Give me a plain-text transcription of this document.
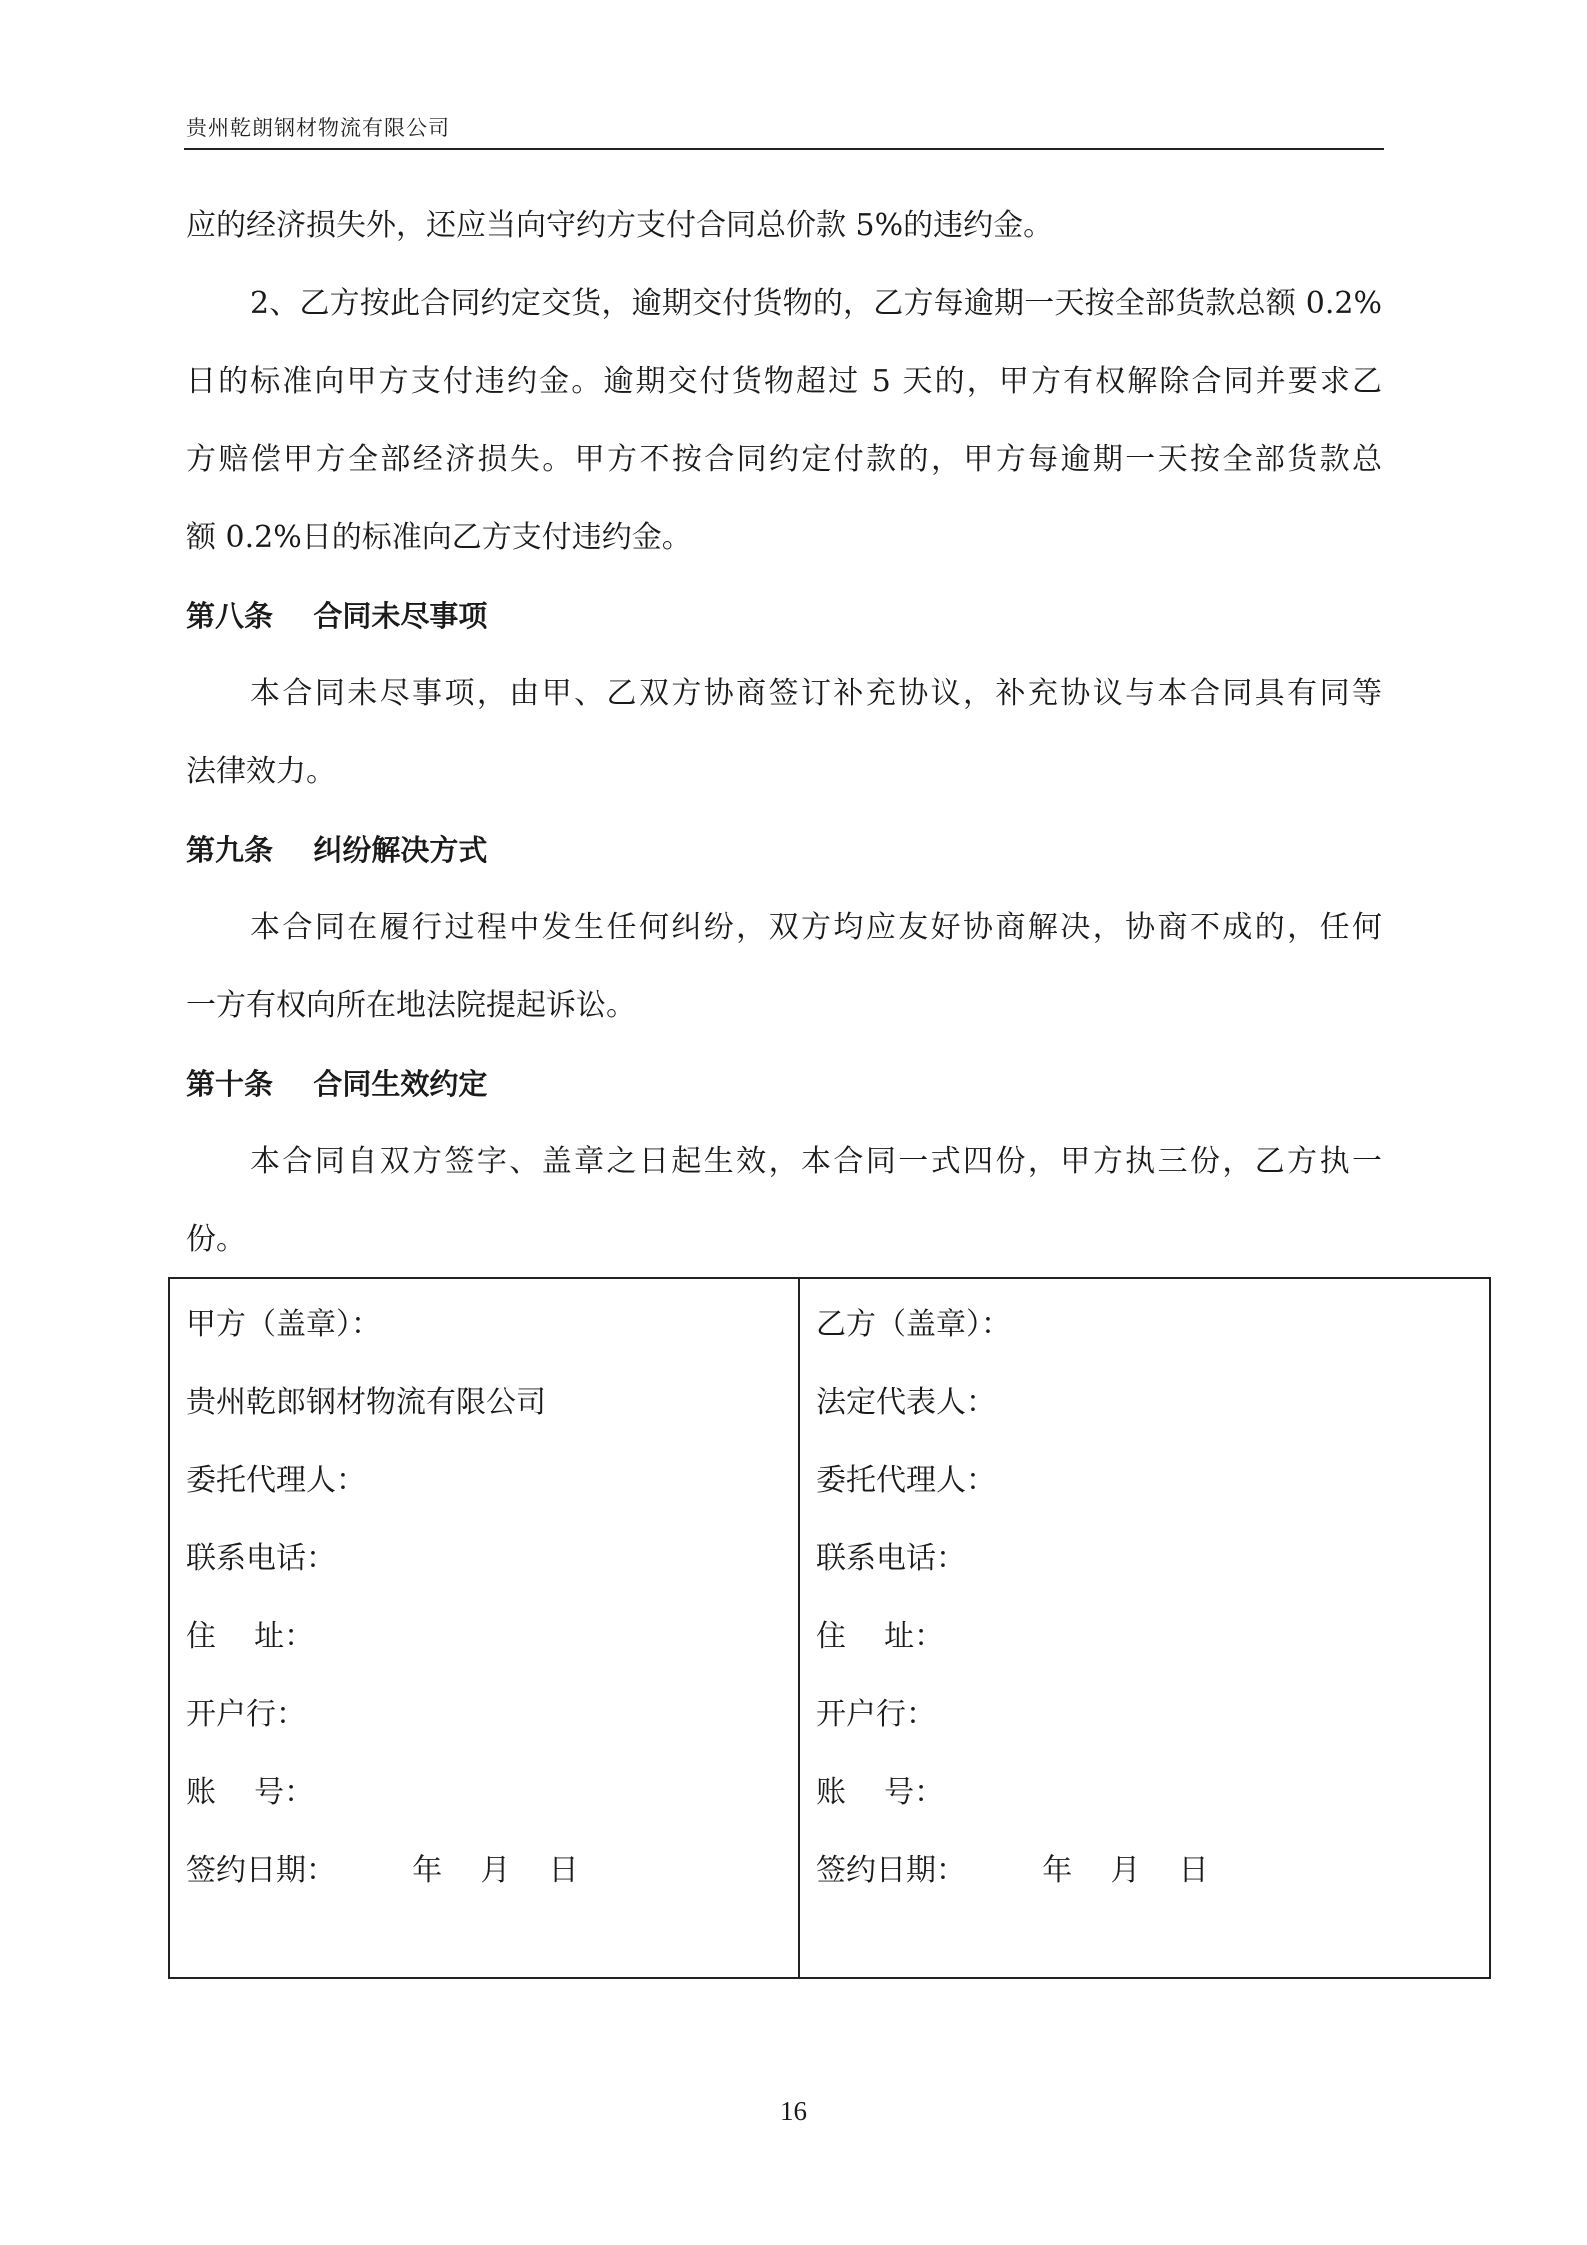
贵州乾朗钢材物流有限公司
应的经济损失外，还应当向守约方支付合同总价款 5%的违约金。
2、乙方按此合同约定交货，逾期交付货物的，乙方每逾期一天按全部货款总额 0.2%
日的标准向甲方支付违约金。逾期交付货物超过 5 天的，甲方有权解除合同并要求乙
方赔偿甲方全部经济损失。甲方不按合同约定付款的，甲方每逾期一天按全部货款总
额 0.2%日的标准向乙方支付违约金。
第八条    合同未尽事项
本合同未尽事项，由甲、乙双方协商签订补充协议，补充协议与本合同具有同等
法律效力。
第九条    纠纷解决方式
本合同在履行过程中发生任何纠纷，双方均应友好协商解决，协商不成的，任何
一方有权向所在地法院提起诉讼。
第十条    合同生效约定
本合同自双方签字、盖章之日起生效，本合同一式四份，甲方执三份，乙方执一
份。
甲方（盖章）：
贵州乾郎钢材物流有限公司
委托代理人：
联系电话：
住    址：
开户行：
账    号：
签约日期：        年    月    日
乙方（盖章）：
法定代表人：
委托代理人：
联系电话：
住    址：
开户行：
账    号：
签约日期：        年    月    日
16
